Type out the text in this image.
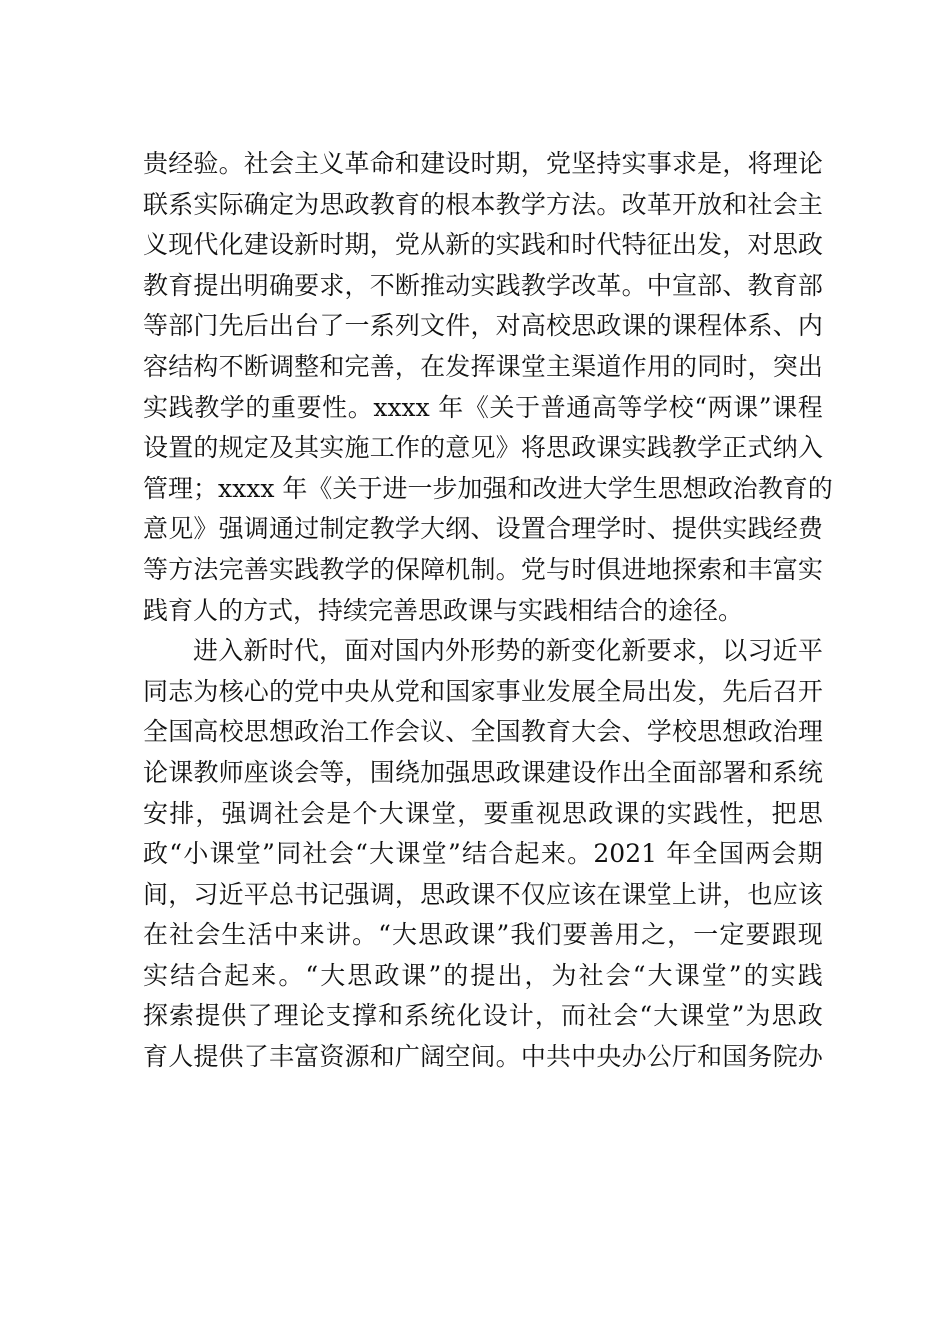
贵 经 验 。 社 会 主 义 革 命 和 建 设 时 期 ， 党 坚 持 实 事 求 是 ， 将 理 论
联 系 实 际 确 定 为 思 政 教 育 的 根 本 教 学 方 法 。 改 革 开 放 和 社 会 主
义 现 代 化 建 设 新 时 期 ， 党 从 新 的 实 践 和 时 代 特 征 出 发 ， 对 思 政
教 育 提 出 明 确 要 求 ， 不 断 推 动 实 践 教 学 改 革 。 中 宣 部 、 教 育 部
等 部 门 先 后 出 台 了 一 系 列 文 件 ， 对 高 校 思 政 课 的 课 程 体 系 、 内
容 结 构 不 断 调 整 和 完 善 ， 在 发 挥 课 堂 主 渠 道 作 用 的 同 时 ， 突 出
实 践 教 学 的 重 要 性 。 xxxx 年 《 关 于 普 通 高 等 学 校 “ 两 课 ” 课 程
设 置 的 规 定 及 其 实 施 工 作 的 意 见 》 将 思 政 课 实 践 教 学 正 式 纳 入
管 理 ； xxxx 年 《 关 于 进 一 步 加 强 和 改 进 大 学 生 思 想 政 治 教 育 的
意 见 》 强 调 通 过 制 定 教 学 大 纲 、 设 置 合 理 学 时 、 提 供 实 践 经 费
等 方 法 完 善 实 践 教 学 的 保 障 机 制 。 党 与 时 俱 进 地 探 索 和 丰 富 实
践育人的方式，持续完善思政课与实践相结合的途径。
进 入 新 时 代 ， 面 对 国 内 外 形 势 的 新 变 化 新 要 求 ， 以 习 近 平
同 志 为 核 心 的 党 中 央 从 党 和 国 家 事 业 发 展 全 局 出 发 ， 先 后 召 开
全 国 高 校 思 想 政 治 工 作 会 议 、 全 国 教 育 大 会 、 学 校 思 想 政 治 理
论 课 教 师 座 谈 会 等 ， 围 绕 加 强 思 政 课 建 设 作 出 全 面 部 署 和 系 统
安 排 ， 强 调 社 会 是 个 大 课 堂 ， 要 重 视 思 政 课 的 实 践 性 ， 把 思
政 “ 小 课 堂 ” 同 社 会 “ 大 课 堂 ” 结 合 起 来 。 2021 年 全 国 两 会 期
间 ， 习 近 平 总 书 记 强 调 ， 思 政 课 不 仅 应 该 在 课 堂 上 讲 ， 也 应 该
在 社 会 生 活 中 来 讲 。 “ 大 思 政 课 ” 我 们 要 善 用 之 ， 一 定 要 跟 现
实 结 合 起 来 。 “ 大 思 政 课 ” 的 提 出 ， 为 社 会 “ 大 课 堂 ” 的 实 践
探 索 提 供 了 理 论 支 撑 和 系 统 化 设 计 ， 而 社 会 “ 大 课 堂 ” 为 思 政
育 人 提 供 了 丰 富 资 源 和 广 阔 空 间 。 中 共 中 央 办 公 厅 和 国 务 院 办
